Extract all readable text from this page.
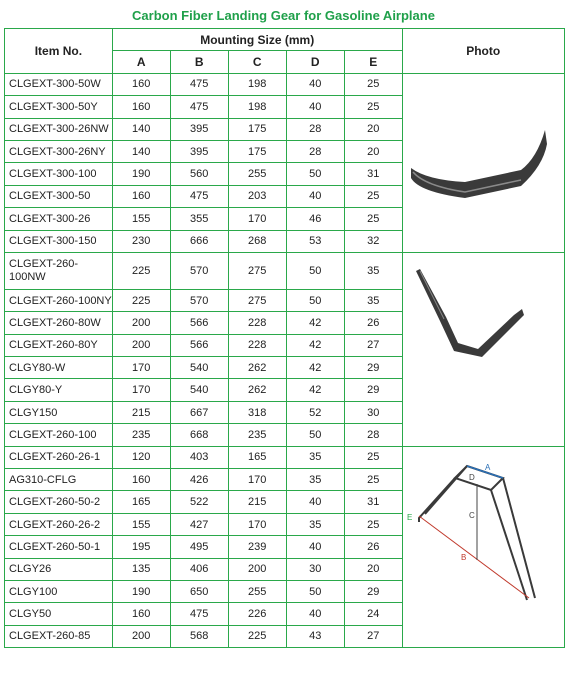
Carbon Fiber Landing Gear for Gasoline Airplane
Item No.	Mounting Size (mm)					Photo
	A	B	C	D	E	
CLGEXT-300-50W	160	475	198	40	25	
CLGEXT-300-50Y	160	475	198	40	25	
CLGEXT-300-26NW	140	395	175	28	20	
CLGEXT-300-26NY	140	395	175	28	20	
CLGEXT-300-100	190	560	255	50	31	
CLGEXT-300-50	160	475	203	40	25	
CLGEXT-300-26	155	355	170	46	25	
CLGEXT-300-150	230	666	268	53	32	
CLGEXT-260-
100NW	225	570	275	50	35	
CLGEXT-260-100NY	225	570	275	50	35	
CLGEXT-260-80W	200	566	228	42	26	
CLGEXT-260-80Y	200	566	228	42	27	
CLGY80-W	170	540	262	42	29	
CLGY80-Y	170	540	262	42	29	
CLGY150	215	667	318	52	30	
CLGEXT-260-100	235	668	235	50	28	
CLGEXT-260-26-1	120	403	165	35	25	
AG310-CFLG	160	426	170	35	25	
CLGEXT-260-50-2	165	522	215	40	31	
CLGEXT-260-26-2	155	427	170	35	25	
CLGEXT-260-50-1	195	495	239	40	26	
CLGY26	135	406	200	30	20	
CLGY100	190	650	255	50	29	
CLGY50	160	475	226	40	24	
CLGEXT-260-85	200	568	225	43	27	
A
B
C
D
E
